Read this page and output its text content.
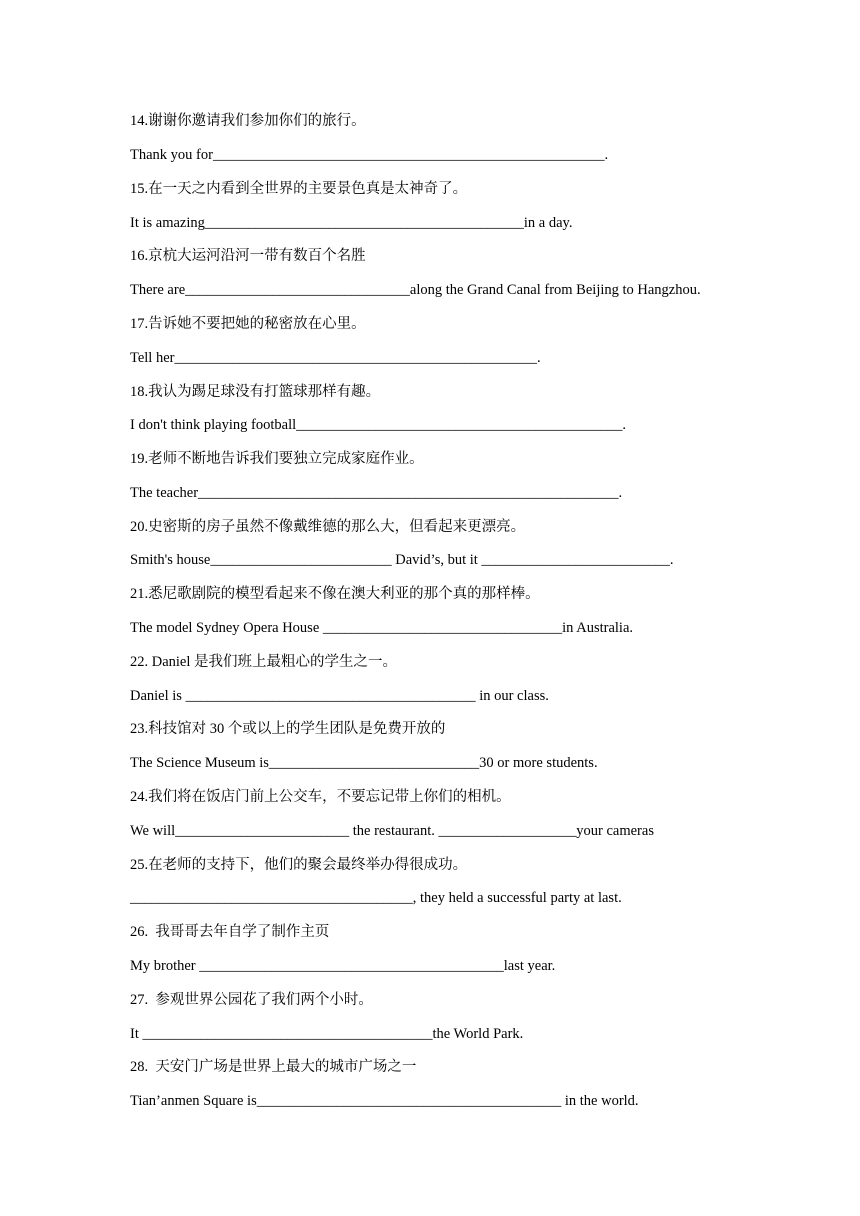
14.谢谢你邀请我们参加你们的旅行。
Thank you for______________________________________________________.
15.在一天之内看到全世界的主要景色真是太神奇了。
It is amazing____________________________________________in a day.
16.京杭大运河沿河一带有数百个名胜
There are_______________________________along the Grand Canal from Beijing to Hangzhou.
17.告诉她不要把她的秘密放在心里。
Tell her__________________________________________________.
18.我认为踢足球没有打篮球那样有趣。
I don't think playing football_____________________________________________.
19.老师不断地告诉我们要独立完成家庭作业。
The teacher__________________________________________________________.
20.史密斯的房子虽然不像戴维德的那么大，但看起来更漂亮。
Smith's house_________________________ David’s, but it __________________________.
21.悉尼歌剧院的模型看起来不像在澳大利亚的那个真的那样棒。
The model Sydney Opera House _________________________________in Australia.
22. Daniel 是我们班上最粗心的学生之一。
Daniel is ________________________________________ in our class.
23.科技馆对 30 个或以上的学生团队是免费开放的
The Science Museum is_____________________________30 or more students.
24.我们将在饭店门前上公交车，不要忘记带上你们的相机。
We will________________________ the restaurant. ___________________your cameras
25.在老师的支持下，他们的聚会最终举办得很成功。
_______________________________________, they held a successful party at last.
26.  我哥哥去年自学了制作主页
My brother __________________________________________last year.
27.  参观世界公园花了我们两个小时。
It ________________________________________the World Park.
28.  天安门广场是世界上最大的城市广场之一
Tian’anmen Square is__________________________________________ in the world.
